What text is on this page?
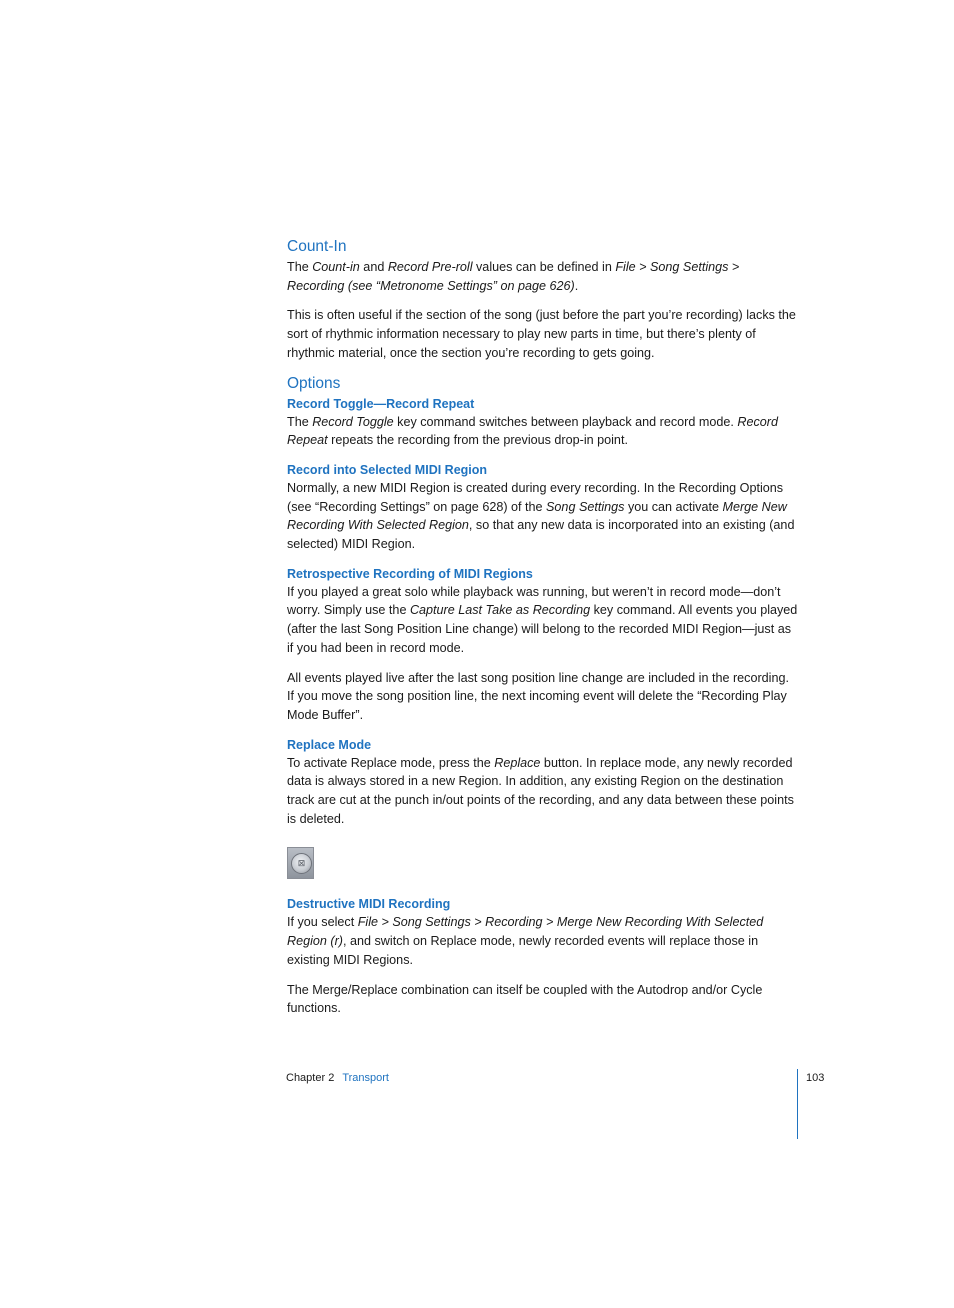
Count-In

The Count-in and Record Pre-roll values can be defined in File > Song Settings > Recording (see “Metronome Settings” on page 626).

This is often useful if the section of the song (just before the part you’re recording) lacks the sort of rhythmic information necessary to play new parts in time, but there’s plenty of rhythmic material, once the section you’re recording to gets going.

Options
Record Toggle—Record Repeat

The Record Toggle key command switches between playback and record mode. Record Repeat repeats the recording from the previous drop-in point.

Record into Selected MIDI Region

Normally, a new MIDI Region is created during every recording. In the Recording Options (see “Recording Settings” on page 628) of the Song Settings you can activate Merge New Recording With Selected Region, so that any new data is incorporated into an existing (and selected) MIDI Region.

Retrospective Recording of MIDI Regions

If you played a great solo while playback was running, but weren’t in record mode—don’t worry. Simply use the Capture Last Take as Recording key command. All events you played (after the last Song Position Line change) will belong to the recorded MIDI Region—just as if you had been in record mode.

All events played live after the last song position line change are included in the recording. If you move the song position line, the next incoming event will delete the “Recording Play Mode Buffer”.

Replace Mode

To activate Replace mode, press the Replace button. In replace mode, any newly recorded data is always stored in a new Region. In addition, any existing Region on the destination track are cut at the punch in/out points of the recording, and any data between these points is deleted.

⊠
Destructive MIDI Recording

If you select File > Song Settings > Recording > Merge New Recording With Selected Region (r), and switch on Replace mode, newly recorded events will replace those in existing MIDI Regions.

The Merge/Replace combination can itself be coupled with the Autodrop and/or Cycle functions.

Chapter 2 Transport	103
